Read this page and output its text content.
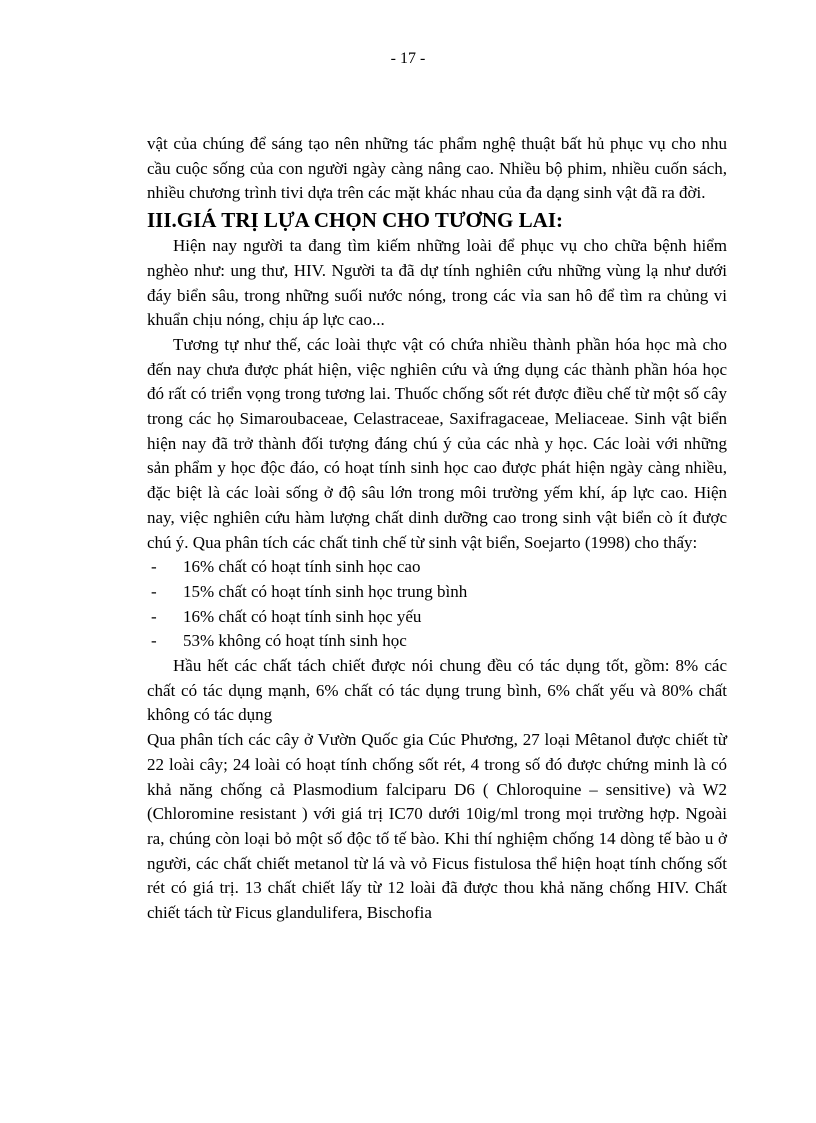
- 17 -

vật của chúng để sáng tạo nên những tác phẩm nghệ thuật bất hủ phục vụ cho nhu cầu cuộc sống của con người ngày càng nâng cao. Nhiều bộ phim, nhiều cuốn sách, nhiều chương trình tivi dựa trên các mặt khác nhau của đa dạng sinh vật đã ra đời.

III.GIÁ TRỊ LỰA CHỌN CHO TƯƠNG LAI:

Hiện nay người ta đang tìm kiếm những loài để phục vụ cho chữa bệnh hiểm nghèo như: ung thư, HIV. Người ta đã dự tính nghiên cứu những vùng lạ như dưới đáy biển sâu, trong những suối nước nóng, trong các vỉa san hô để tìm ra chủng vi khuẩn chịu nóng, chịu áp lực cao...

Tương tự như thế, các loài thực vật có chứa nhiều thành phần hóa học mà cho đến nay chưa được phát hiện, việc nghiên cứu và ứng dụng các thành phần hóa học đó rất có triển vọng trong tương lai. Thuốc chống sốt rét được điều chế từ một số cây trong các họ Simaroubaceae, Celastraceae, Saxifragaceae, Meliaceae. Sinh vật biển hiện nay đã trở thành đối tượng đáng chú ý của các nhà y học. Các loài với những sản phẩm y học độc đáo, có hoạt tính sinh học cao được phát hiện ngày càng nhiều, đặc biệt là các loài sống ở độ sâu lớn trong môi trường yếm khí, áp lực cao. Hiện nay, việc nghiên cứu hàm lượng chất dinh dưỡng cao trong sinh vật biển cò ít được chú ý. Qua phân tích các chất tinh chế từ sinh vật biển, Soejarto (1998) cho thấy:

- 16% chất có hoạt tính sinh học cao
- 15% chất có hoạt tính sinh học trung bình
- 16% chất có hoạt tính sinh học yếu
- 53% không có hoạt tính sinh học

Hầu hết các chất tách chiết được nói chung đều có tác dụng tốt, gồm: 8% các chất có tác dụng mạnh, 6% chất có tác dụng trung bình, 6% chất yếu và 80% chất không có tác dụng

Qua phân tích các cây ở Vườn Quốc gia Cúc Phương, 27 loại Mêtanol được chiết từ 22 loài cây; 24 loài có hoạt tính chống sốt rét, 4 trong số đó được chứng minh là có khả năng chống cả Plasmodium falciparu D6 ( Chloroquine – sensitive) và W2 (Chloromine resistant ) với giá trị IC70 dưới 10ig/ml trong mọi trường hợp. Ngoài ra, chúng còn loại bỏ một số độc tố tế bào. Khi thí nghiệm chống 14 dòng tế bào u ở người, các chất chiết metanol từ lá và vỏ Ficus fistulosa thể hiện hoạt tính chống sốt rét có giá trị. 13 chất chiết lấy từ 12 loài đã được thou khả năng chống HIV. Chất chiết tách từ Ficus glandulifera, Bischofia
